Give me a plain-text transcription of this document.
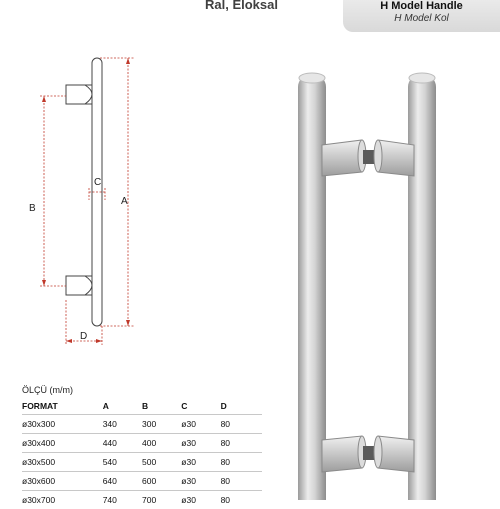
Ral, Eloksal	H Model Handle
H Model Kol
A
B
C
D
ÖLÇÜ (m/m)
FORMAT	A	B	C	D
ø30x300	340	300	ø30	80
ø30x400	440	400	ø30	80
ø30x500	540	500	ø30	80
ø30x600	640	600	ø30	80
ø30x700	740	700	ø30	80
